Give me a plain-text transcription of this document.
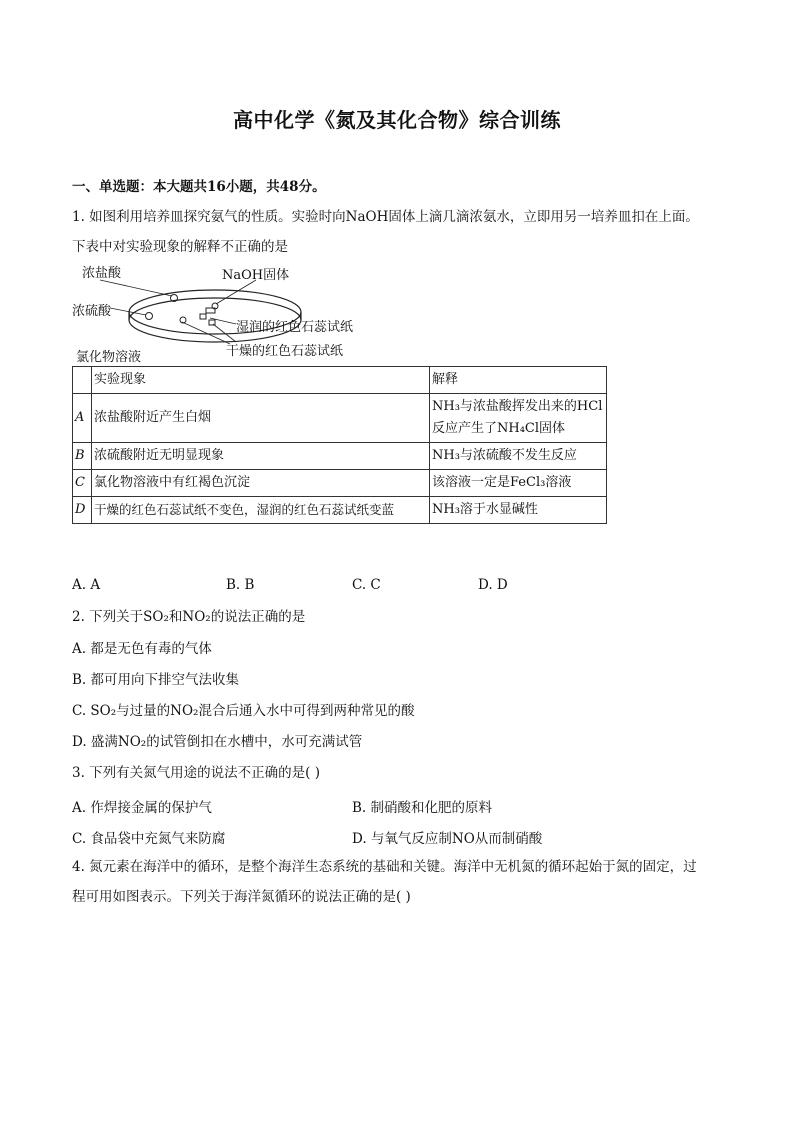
高中化学《氮及其化合物》综合训练
一、单选题：本大题共16小题，共48分。
1. 如图利用培养皿探究氨气的性质。实验时向NaOH固体上滴几滴浓氨水，立即用另一培养皿扣在上面。
下表中对实验现象的解释不正确的是
浓盐酸	NaOH固体
浓硫酸
湿润的红色石蕊试纸
氯化物溶液	干燥的红色石蕊试纸
	实验现象	解释
A	浓盐酸附近产生白烟	NH₃与浓盐酸挥发出来的HCl
反应产生了NH₄Cl固体

B	浓硫酸附近无明显现象	NH₃与浓硫酸不发生反应
C	氯化物溶液中有红褐色沉淀	该溶液一定是FeCl₃溶液
D	干燥的红色石蕊试纸不变色，湿润的红色石蕊试纸变蓝	NH₃溶于水显碱性
A. A	B. B	C. C	D. D
2. 下列关于SO₂和NO₂的说法正确的是
A. 都是无色有毒的气体
B. 都可用向下排空气法收集
C. SO₂与过量的NO₂混合后通入水中可得到两种常见的酸
D. 盛满NO₂的试管倒扣在水槽中，水可充满试管
3. 下列有关氮气用途的说法不正确的是( )
A. 作焊接金属的保护气	B. 制硝酸和化肥的原料
C. 食品袋中充氮气来防腐	D. 与氧气反应制NO从而制硝酸
4. 氮元素在海洋中的循环，是整个海洋生态系统的基础和关键。海洋中无机氮的循环起始于氮的固定，过
程可用如图表示。下列关于海洋氮循环的说法正确的是( )
